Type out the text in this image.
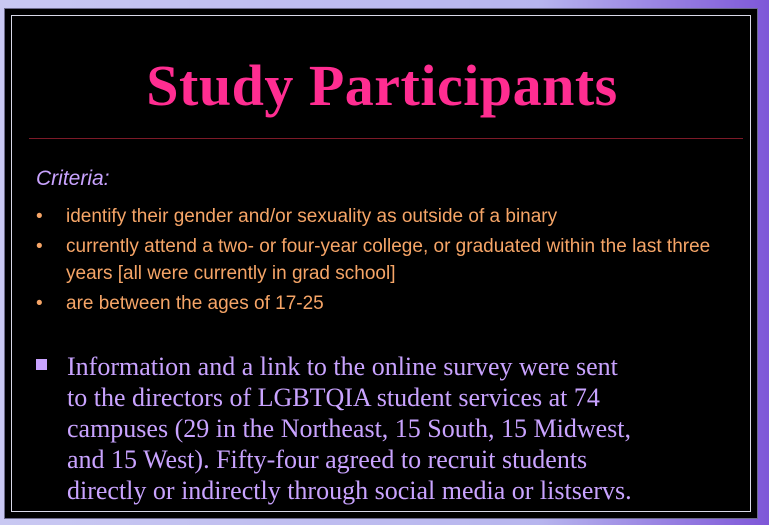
Study Participants
Criteria:
• identify their gender and/or sexuality as outside of a binary
• currently attend a two- or four-year college, or graduated within the last three years [all were currently in grad school]
• are between the ages of 17-25
Information and a link to the online survey were sent
to the directors of LGBTQIA student services at 74
campuses (29 in the Northeast, 15 South, 15 Midwest,
and 15 West). Fifty-four agreed to recruit students
directly or indirectly through social media or listservs.
